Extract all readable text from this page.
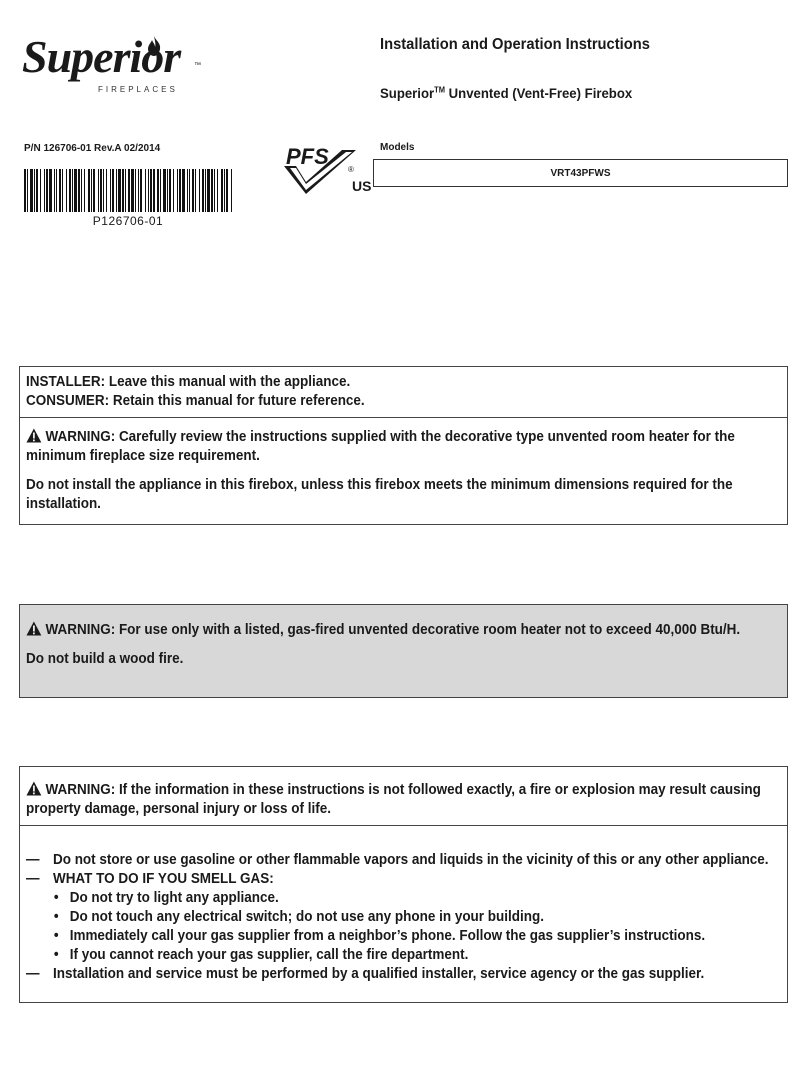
Superior ™
FIREPLACES
Installation and Operation Instructions
Superior™ Unvented (Vent-Free) Firebox
P/N 126706-01 Rev.A 02/2014
P126706-01
PFS
®
US
Models
VRT43PFWS
INSTALLER: Leave this manual with the appliance.
CONSUMER: Retain this manual for future reference.
WARNING: Carefully review the instructions supplied with the decorative type unvented room heater for the minimum fireplace size requirement.
Do not install the appliance in this firebox, unless this firebox meets the minimum dimensions required for the installation.
WARNING: For use only with a listed, gas-fired unvented decorative room heater not to exceed 40,000 Btu/H.
Do not build a wood fire.
WARNING: If the information in these instructions is not followed exactly, a fire or explosion may result causing property damage, personal injury or loss of life.
— Do not store or use gasoline or other flammable vapors and liquids in the vicinity of this or any other appliance.
— WHAT TO DO IF YOU SMELL GAS:
• Do not try to light any appliance.
• Do not touch any electrical switch; do not use any phone in your building.
• Immediately call your gas supplier from a neighbor’s phone. Follow the gas supplier’s instructions.
• If you cannot reach your gas supplier, call the fire department.
— Installation and service must be performed by a qualified installer, service agency or the gas supplier.
